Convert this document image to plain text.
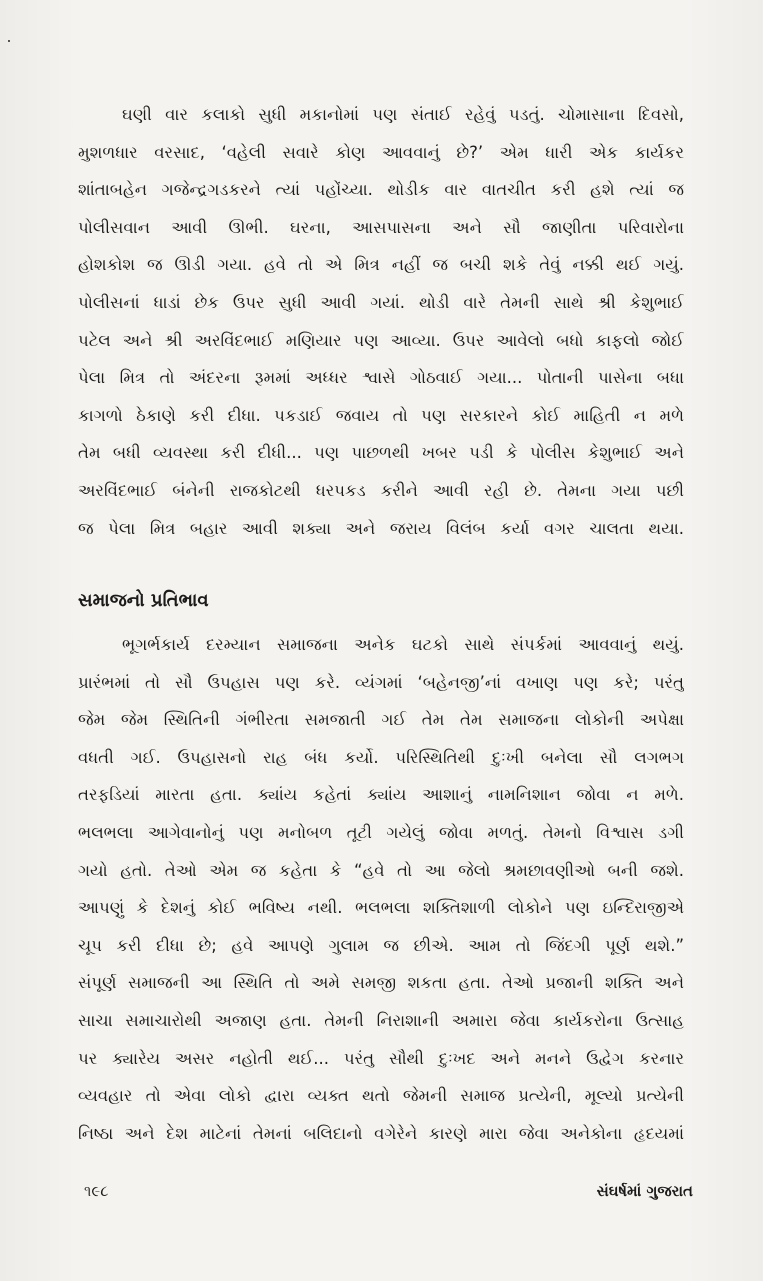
ઘણી વાર કલાકો સુધી મકાનોમાં પણ સંતાઈ રહેવું પડતું. ચોમાસાના દિવસો,
મુશળધાર વરસાદ, ‘વહેલી સવારે કોણ આવવાનું છે?’ એમ ધારી એક કાર્યકર
શાંતાબહેન ગજેન્દ્રગડકરને ત્યાં પહોંચ્યા. થોડીક વાર વાતચીત કરી હશે ત્યાં જ
પોલીસવાન આવી ઊભી. ઘરના, આસપાસના અને સૌ જાણીતા પરિવારોના
હોશકોશ જ ઊડી ગયા. હવે તો એ મિત્ર નહીં જ બચી શકે તેવું નક્કી થઈ ગયું.
પોલીસનાં ધાડાં છેક ઉપર સુધી આવી ગયાં. થોડી વારે તેમની સાથે શ્રી કેશુભાઈ
પટેલ અને શ્રી અરવિંદભાઈ મણિયાર પણ આવ્યા. ઉપર આવેલો બધો કાફલો જોઈ
પેલા મિત્ર તો અંદરના રૂમમાં અધ્ધર શ્વાસે ગોઠવાઈ ગયા... પોતાની પાસેના બધા
કાગળો ઠેકાણે કરી દીધા. પકડાઈ જવાય તો પણ સરકારને કોઈ માહિતી ન મળે
તેમ બધી વ્યવસ્થા કરી દીધી... પણ પાછળથી ખબર પડી કે પોલીસ કેશુભાઈ અને
અરવિંદભાઈ બંનેની રાજકોટથી ધરપકડ કરીને આવી રહી છે. તેમના ગયા પછી
જ પેલા મિત્ર બહાર આવી શક્યા અને જરાય વિલંબ કર્યા વગર ચાલતા થયા.
સમાજનો પ્રતિભાવ
ભૂગર્ભકાર્ય દરમ્યાન સમાજના અનેક ઘટકો સાથે સંપર્કમાં આવવાનું થયું.
પ્રારંભમાં તો સૌ ઉપહાસ પણ કરે. વ્યંગમાં ‘બહેનજી’નાં વખાણ પણ કરે; પરંતુ
જેમ જેમ સ્થિતિની ગંભીરતા સમજાતી ગઈ તેમ તેમ સમાજના લોકોની અપેક્ષા
વધતી ગઈ. ઉપહાસનો રાહ બંધ કર્યો. પરિસ્થિતિથી દુઃખી બનેલા સૌ લગભગ
તરફડિયાં મારતા હતા. ક્યાંય કહેતાં ક્યાંય આશાનું નામનિશાન જોવા ન મળે.
ભલભલા આગેવાનોનું પણ મનોબળ તૂટી ગયેલું જોવા મળતું. તેમનો વિશ્વાસ ડગી
ગયો હતો. તેઓ એમ જ કહેતા કે “હવે તો આ જેલો શ્રમછાવણીઓ બની જશે.
આપણું કે દેશનું કોઈ ભવિષ્ય નથી. ભલભલા શક્તિશાળી લોકોને પણ ઇન્દિરાજીએ
ચૂપ કરી દીધા છે; હવે આપણે ગુલામ જ છીએ. આમ તો જિંદગી પૂર્ણ થશે.”
સંપૂર્ણ સમાજની આ સ્થિતિ તો અમે સમજી શકતા હતા. તેઓ પ્રજાની શક્તિ અને
સાચા સમાચારોથી અજાણ હતા. તેમની નિરાશાની અમારા જેવા કાર્યકરોના ઉત્સાહ
પર ક્યારેય અસર નહોતી થઈ... પરંતુ સૌથી દુઃખદ અને મનને ઉદ્વેગ કરનાર
વ્યવહાર તો એવા લોકો દ્વારા વ્યક્ત થતો જેમની સમાજ પ્રત્યેની, મૂલ્યો પ્રત્યેની
નિષ્ઠા અને દેશ માટેનાં તેમનાં બલિદાનો વગેરેને કારણે મારા જેવા અનેકોના હૃદયમાં
૧૯૮	સંઘર્ષમાં ગુજરાત
